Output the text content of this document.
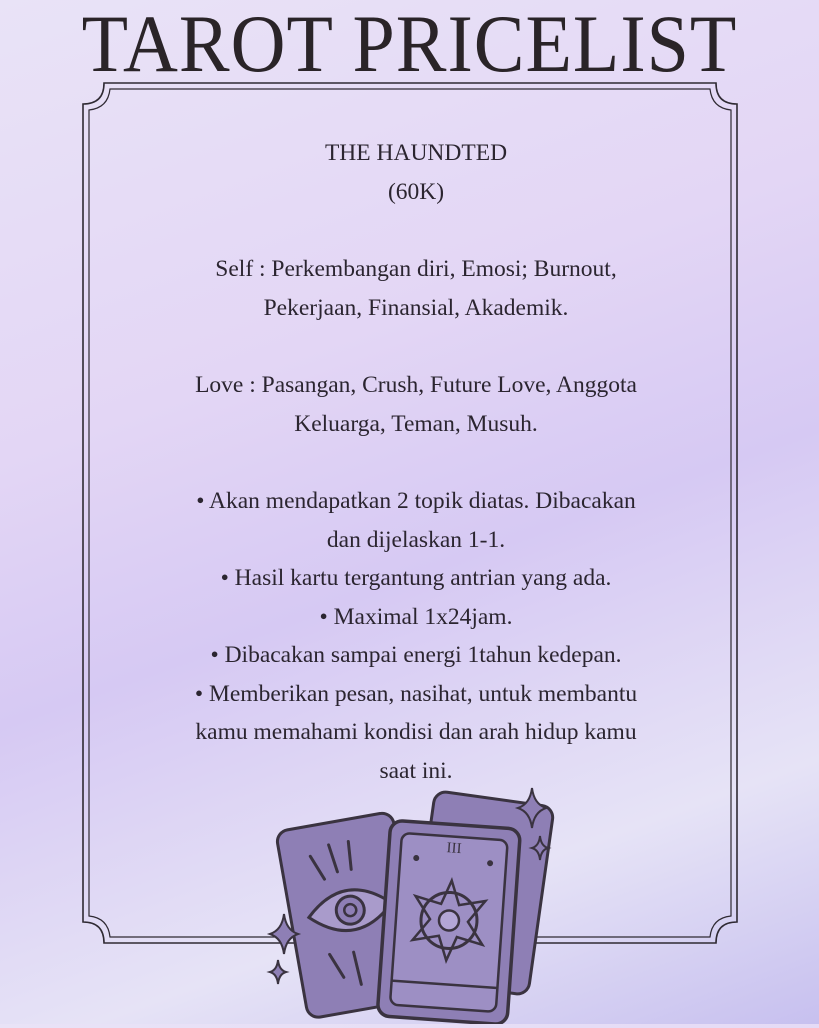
TAROT PRICELIST

THE HAUNDTED

(60K)

Self : Perkembangan diri, Emosi; Burnout,

Pekerjaan, Finansial, Akademik.

Love : Pasangan, Crush, Future Love, Anggota

Keluarga, Teman, Musuh.

• Akan mendapatkan 2 topik diatas. Dibacakan

dan dijelaskan 1-1.

• Hasil kartu tergantung antrian yang ada.

• Maximal 1x24jam.

• Dibacakan sampai energi 1tahun kedepan.

• Memberikan pesan, nasihat, untuk membantu

kamu memahami kondisi dan arah hidup kamu

saat ini.

III
